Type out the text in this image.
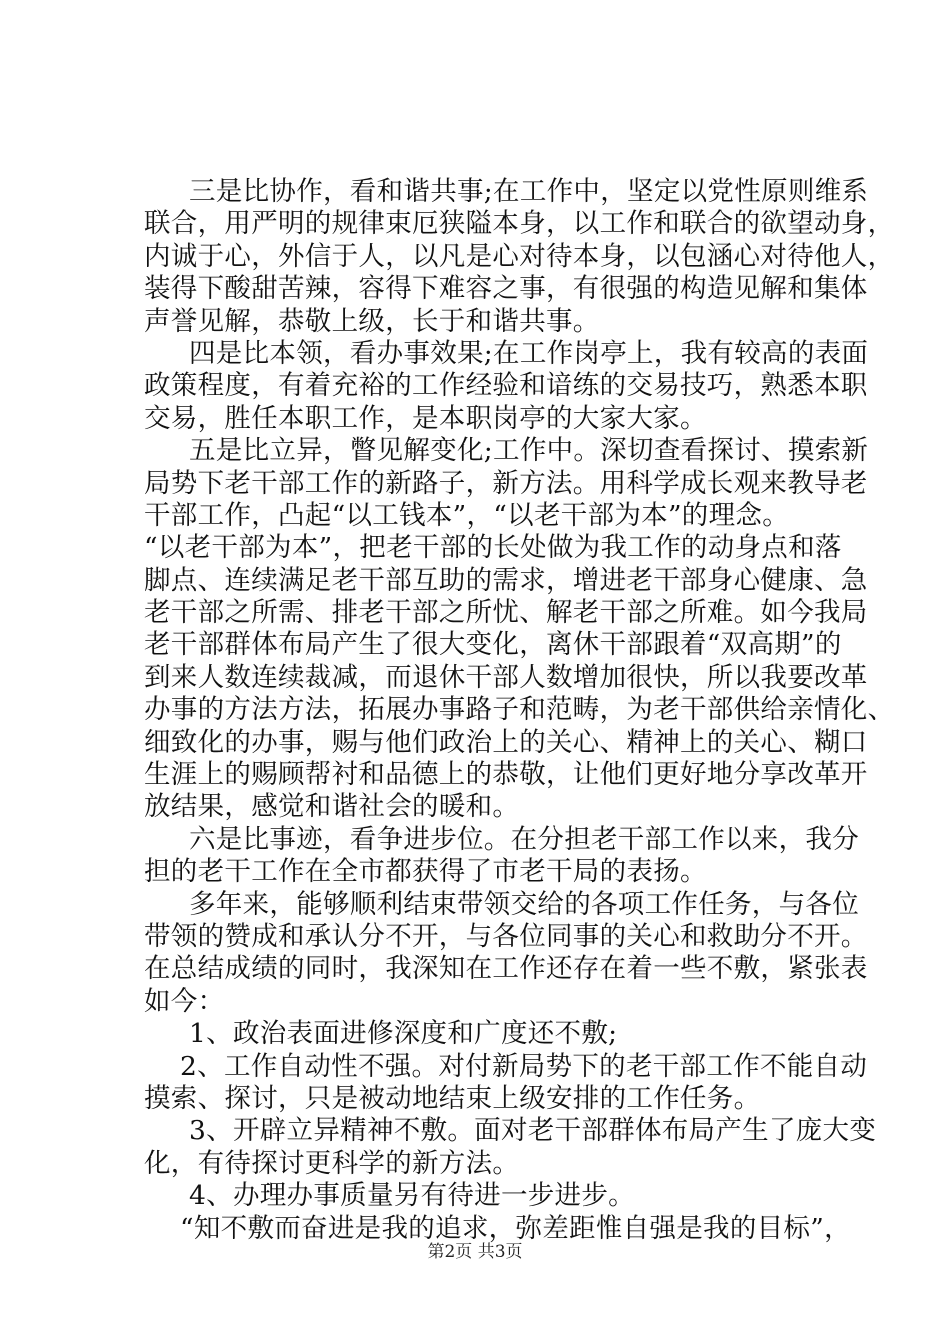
三是比协作，看和谐共事;在工作中，坚定以党性原则维系
联合，用严明的规律束厄狭隘本身，以工作和联合的欲望动身，
内诚于心，外信于人，以凡是心对待本身，以包涵心对待他人，
装得下酸甜苦辣，容得下难容之事，有很强的构造见解和集体
声誉见解，恭敬上级，长于和谐共事。
四是比本领，看办事效果;在工作岗亭上，我有较高的表面
政策程度，有着充裕的工作经验和谙练的交易技巧，熟悉本职
交易，胜任本职工作，是本职岗亭的大家大家。
五是比立异，瞥见解变化;工作中。深切查看探讨、摸索新
局势下老干部工作的新路子，新方法。用科学成长观来教导老
干部工作，凸起“以工钱本”，“以老干部为本”的理念。
“以老干部为本”，把老干部的长处做为我工作的动身点和落
脚点、连续满足老干部互助的需求，增进老干部身心健康、急
老干部之所需、排老干部之所忧、解老干部之所难。如今我局
老干部群体布局产生了很大变化，离休干部跟着“双高期”的
到来人数连续裁减，而退休干部人数增加很快，所以我要改革
办事的方法方法，拓展办事路子和范畴，为老干部供给亲情化、
细致化的办事，赐与他们政治上的关心、精神上的关心、糊口
生涯上的赐顾帮衬和品德上的恭敬，让他们更好地分享改革开
放结果，感觉和谐社会的暖和。
六是比事迹，看争进步位。在分担老干部工作以来，我分
担的老干工作在全市都获得了市老干局的表扬。
多年来，能够顺利结束带领交给的各项工作任务，与各位
带领的赞成和承认分不开，与各位同事的关心和救助分不开。
在总结成绩的同时，我深知在工作还存在着一些不敷，紧张表
如今：
1、政治表面进修深度和广度还不敷;
2、工作自动性不强。对付新局势下的老干部工作不能自动
摸索、探讨，只是被动地结束上级安排的工作任务。
3、开辟立异精神不敷。面对老干部群体布局产生了庞大变
化，有待探讨更科学的新方法。
4、办理办事质量另有待进一步进步。
“知不敷而奋进是我的追求，弥差距惟自强是我的目标”，
第2页 共3页
